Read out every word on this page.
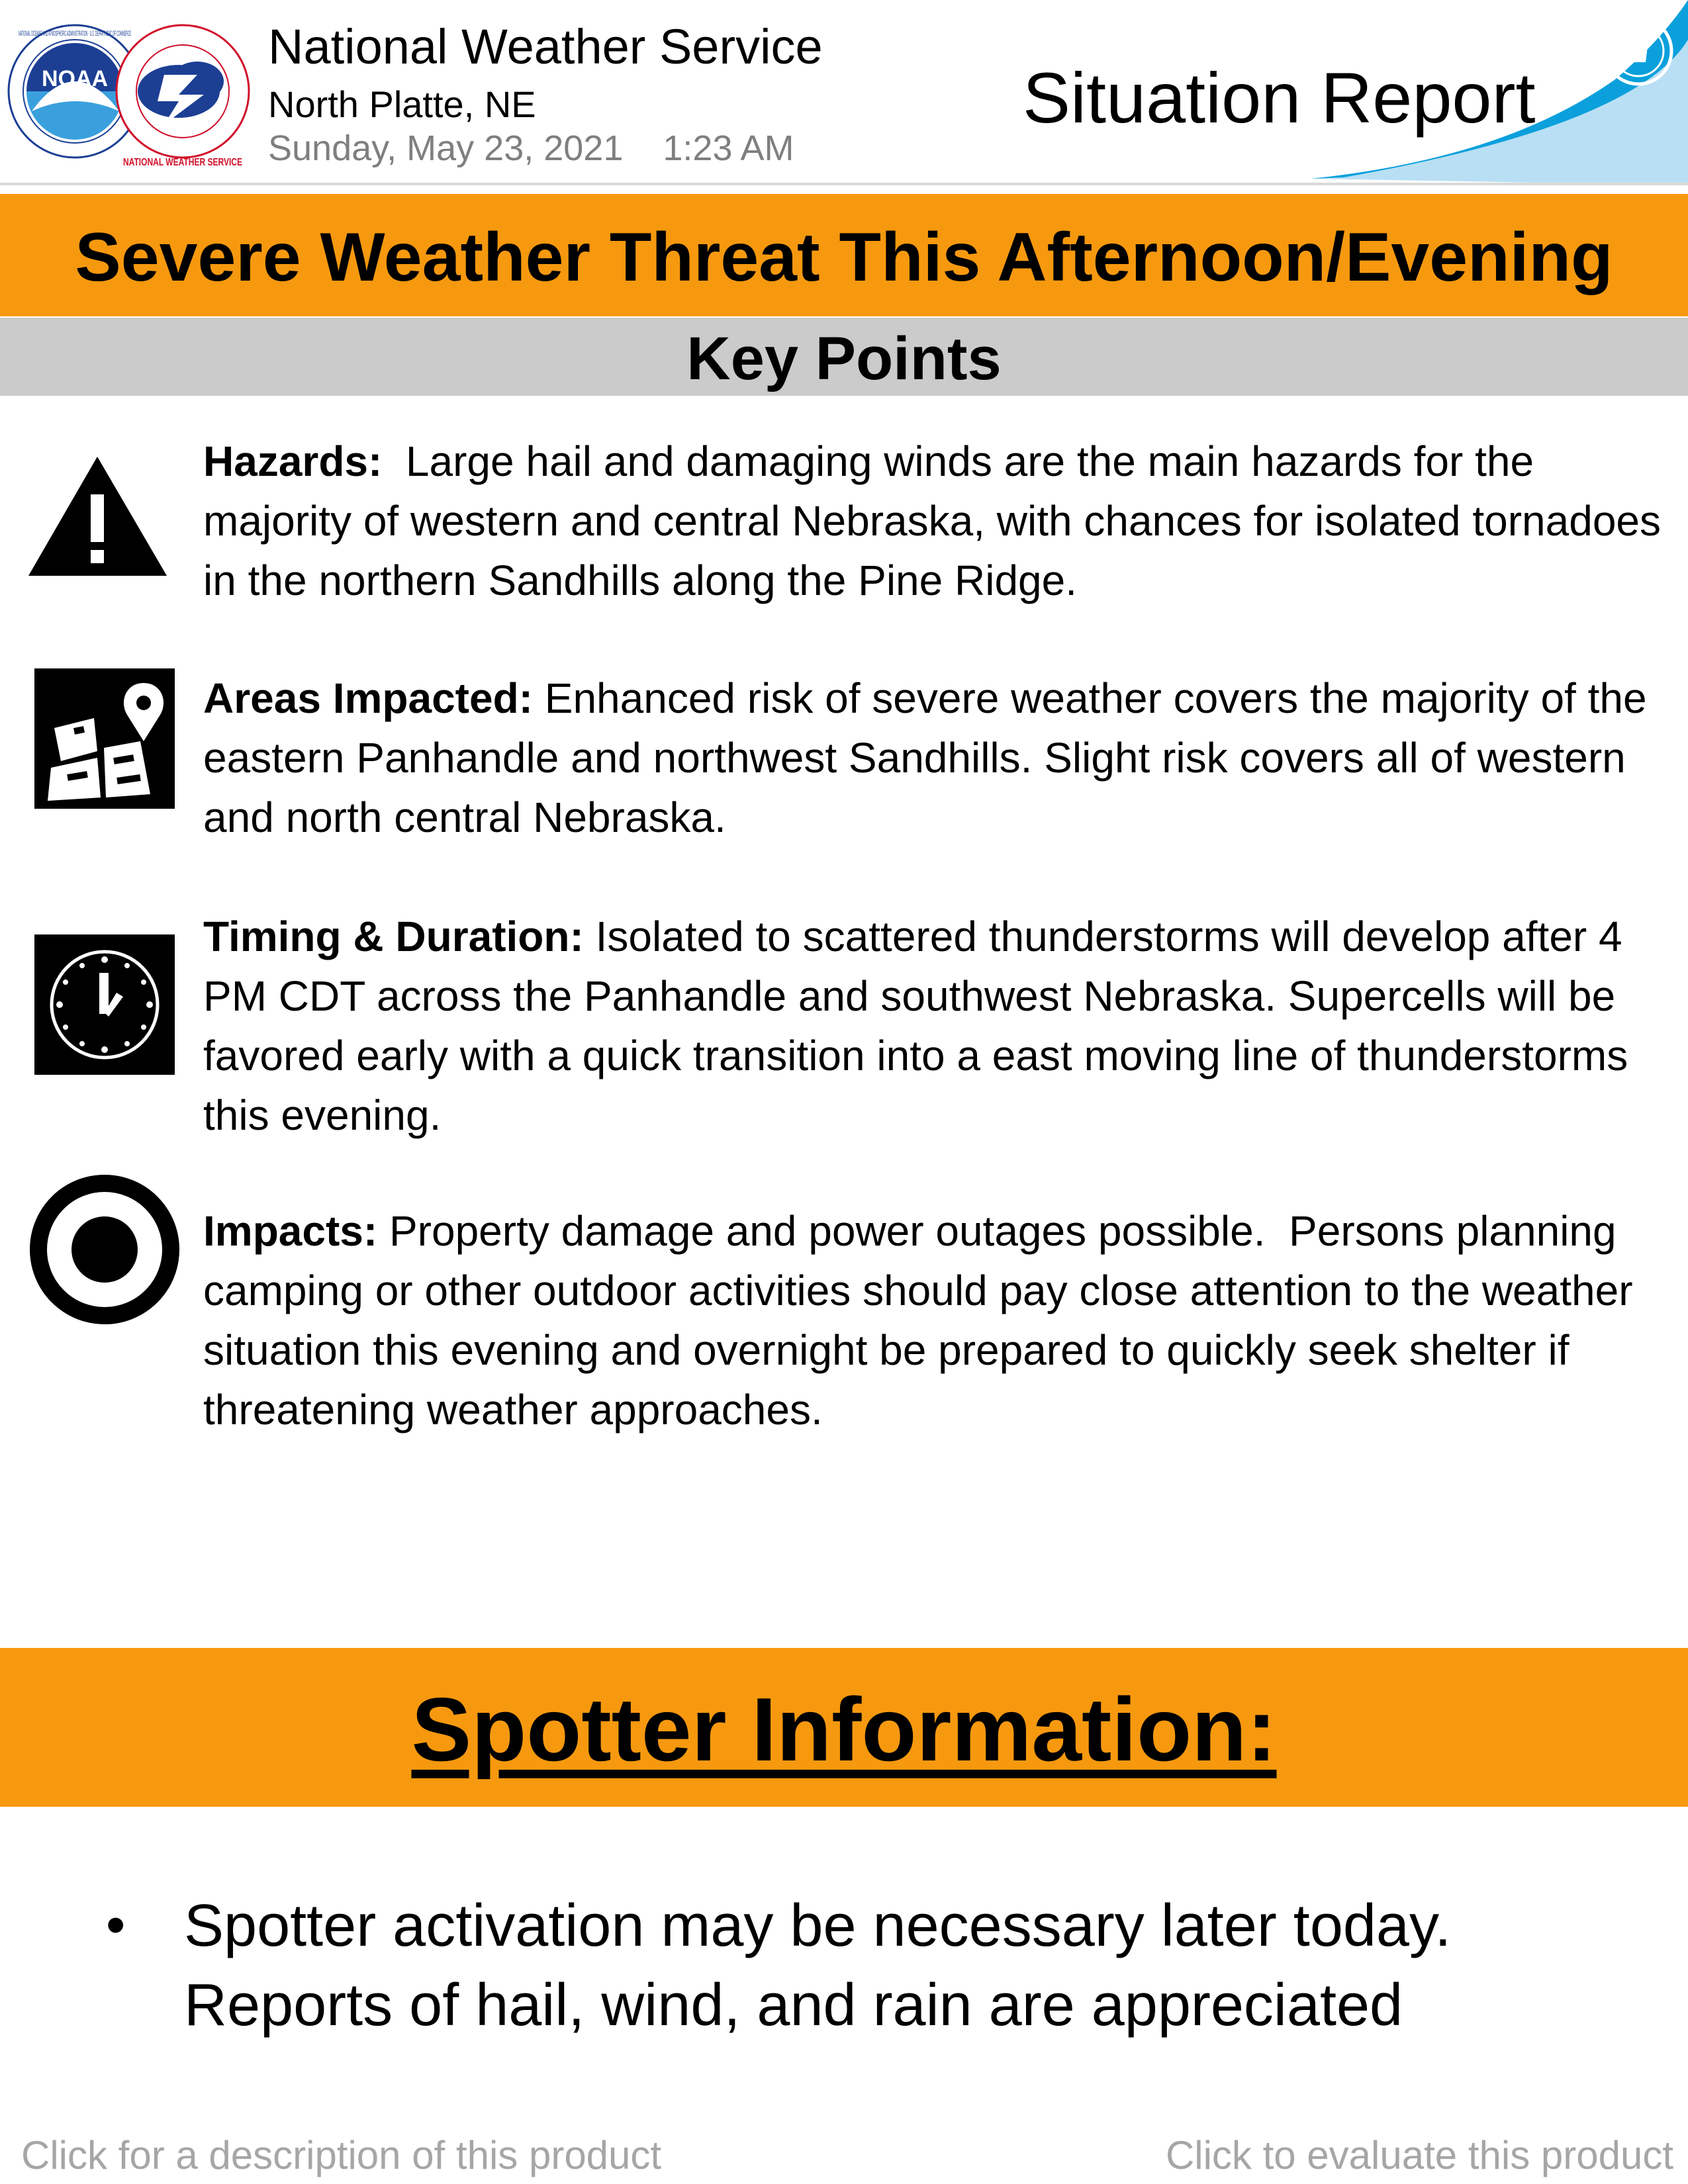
NOAA
NATIONAL OCEANIC AND ATMOSPHERIC ADMINISTRATION · U.S. DEPARTMENT OF COMMERCE
NATIONAL WEATHER SERVICE
National Weather Service
North Platte, NE
Sunday, May 23, 2021    1:23 AM
Situation Report
Severe Weather Threat This Afternoon/Evening
Key Points
Hazards:  Large hail and damaging winds are the main hazards for the majority of western and central Nebraska, with chances for isolated tornadoes in the northern Sandhills along the Pine Ridge.
Areas Impacted: Enhanced risk of severe weather covers the majority of the eastern Panhandle and northwest Sandhills. Slight risk covers all of western and north central Nebraska.
Timing & Duration: Isolated to scattered thunderstorms will develop after 4 PM CDT across the Panhandle and southwest Nebraska. Supercells will be favored early with a quick transition into a east moving line of thunderstorms this evening.
Impacts: Property damage and power outages possible.  Persons planning camping or other outdoor activities should pay close attention to the weather situation this evening and overnight be prepared to quickly seek shelter if threatening weather approaches.
Spotter Information:
• Spotter activation may be necessary later today.
Reports of hail, wind, and rain are appreciated
Click for a description of this product	Click to evaluate this product
